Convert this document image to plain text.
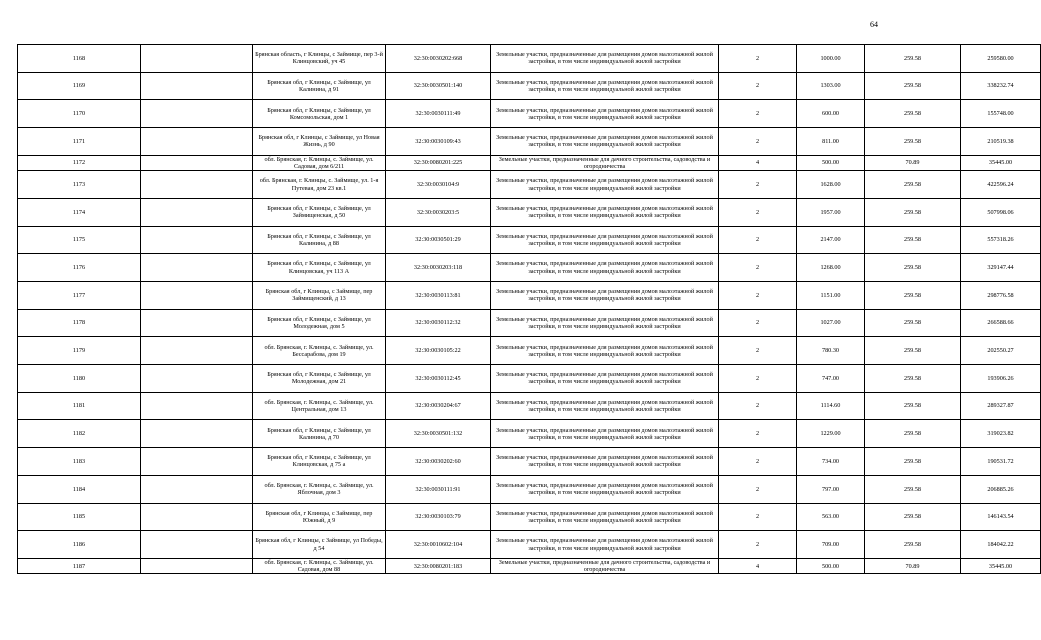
64
1168		Брянская область, г Клинцы, с Займище, пер 3-й Клинцовский, уч 45	32:30:0030202:668	Земельные участки, предназначенные для размещения домов малоэтажной жилой застройки, в том числе индивидуальной жилой застройки	2	1000.00	259.58	259580.00
1169		Брянская обл, г Клинцы, с Займище, ул Калинина, д 91	32:30:0030501:140	Земельные участки, предназначенные для размещения домов малоэтажной жилой застройки, в том числе индивидуальной жилой застройки	2	1303.00	259.58	338232.74
1170		Брянская обл, г Клинцы, с Займище, ул Комсомольская, дом 1	32:30:0030111:49	Земельные участки, предназначенные для размещения домов малоэтажной жилой застройки, в том числе индивидуальной жилой застройки	2	600.00	259.58	155748.00
1171		Брянская обл, г Клинцы, с Займище, ул Новая Жизнь, д 90	32:30:0030109:43	Земельные участки, предназначенные для размещения домов малоэтажной жилой застройки, в том числе индивидуальной жилой застройки	2	811.00	259.58	210519.38
1172		обл. Брянская, г. Клинцы, с. Займище, ул. Садовая, дом 6/211	32:30:0080201:225	Земельные участки, предназначенные для дачного строительства, садоводства и огородничества	4	500.00	70.89	35445.00
1173		обл. Брянская, г. Клинцы, с. Займище, ул. 1-я Путевая, дом 23 кв.1	32:30:0030104:9	Земельные участки, предназначенные для размещения домов малоэтажной жилой застройки, в том числе индивидуальной жилой застройки	2	1628.00	259.58	422596.24
1174		Брянская обл, г Клинцы, с Займище, ул Займищенская, д 50	32:30:0030203:5	Земельные участки, предназначенные для размещения домов малоэтажной жилой застройки, в том числе индивидуальной жилой застройки	2	1957.00	259.58	507998.06
1175		Брянская обл, г Клинцы, с Займище, ул Калинина, д 88	32:30:0030501:29	Земельные участки, предназначенные для размещения домов малоэтажной жилой застройки, в том числе индивидуальной жилой застройки	2	2147.00	259.58	557318.26
1176		Брянская обл, г Клинцы, с Займище, ул Клинцовская, уч 113 А	32:30:0030203:118	Земельные участки, предназначенные для размещения домов малоэтажной жилой застройки, в том числе индивидуальной жилой застройки	2	1268.00	259.58	329147.44
1177		Брянская обл, г Клинцы, с Займище, пер Займищенский, д 13	32:30:0030113:81	Земельные участки, предназначенные для размещения домов малоэтажной жилой застройки, в том числе индивидуальной жилой застройки	2	1151.00	259.58	298776.58
1178		Брянская обл, г Клинцы, с Займище, ул Молодежная, дом 5	32:30:0030112:32	Земельные участки, предназначенные для размещения домов малоэтажной жилой застройки, в том числе индивидуальной жилой застройки	2	1027.00	259.58	266588.66
1179		обл. Брянская, г. Клинцы, с. Займище, ул. Бессарабова, дом 19	32:30:0030105:22	Земельные участки, предназначенные для размещения домов малоэтажной жилой застройки, в том числе индивидуальной жилой застройки	2	780.30	259.58	202550.27
1180		Брянская обл, г Клинцы, с Займище, ул Молодежная, дом 21	32:30:0030112:45	Земельные участки, предназначенные для размещения домов малоэтажной жилой застройки, в том числе индивидуальной жилой застройки	2	747.00	259.58	193906.26
1181		обл. Брянская, г. Клинцы, с. Займище, ул. Центральная, дом 13	32:30:0030204:67	Земельные участки, предназначенные для размещения домов малоэтажной жилой застройки, в том числе индивидуальной жилой застройки	2	1114.60	259.58	289327.87
1182		Брянская обл, г Клинцы, с Займище, ул Калинина, д 70	32:30:0030501:132	Земельные участки, предназначенные для размещения домов малоэтажной жилой застройки, в том числе индивидуальной жилой застройки	2	1229.00	259.58	319023.82
1183		Брянская обл, г Клинцы, с Займище, ул Клинцовская, д 75 а	32:30:0030202:60	Земельные участки, предназначенные для размещения домов малоэтажной жилой застройки, в том числе индивидуальной жилой застройки	2	734.00	259.58	190531.72
1184		обл. Брянская, г. Клинцы, с. Займище, ул. Яблочная, дом 3	32:30:0030111:91	Земельные участки, предназначенные для размещения домов малоэтажной жилой застройки, в том числе индивидуальной жилой застройки	2	797.00	259.58	206885.26
1185		Брянская обл, г Клинцы, с Займище, пер Южный, д 9	32:30:0030103:79	Земельные участки, предназначенные для размещения домов малоэтажной жилой застройки, в том числе индивидуальной жилой застройки	2	563.00	259.58	146143.54
1186		Брянская обл, г Клинцы, с Займище, ул Победы, д 54	32:30:0010602:104	Земельные участки, предназначенные для размещения домов малоэтажной жилой застройки, в том числе индивидуальной жилой застройки	2	709.00	259.58	184042.22
1187		обл. Брянская, г. Клинцы, с. Займище, ул. Садовая, дом 88	32:30:0080201:183	Земельные участки, предназначенные для дачного строительства, садоводства и огородничества	4	500.00	70.89	35445.00
